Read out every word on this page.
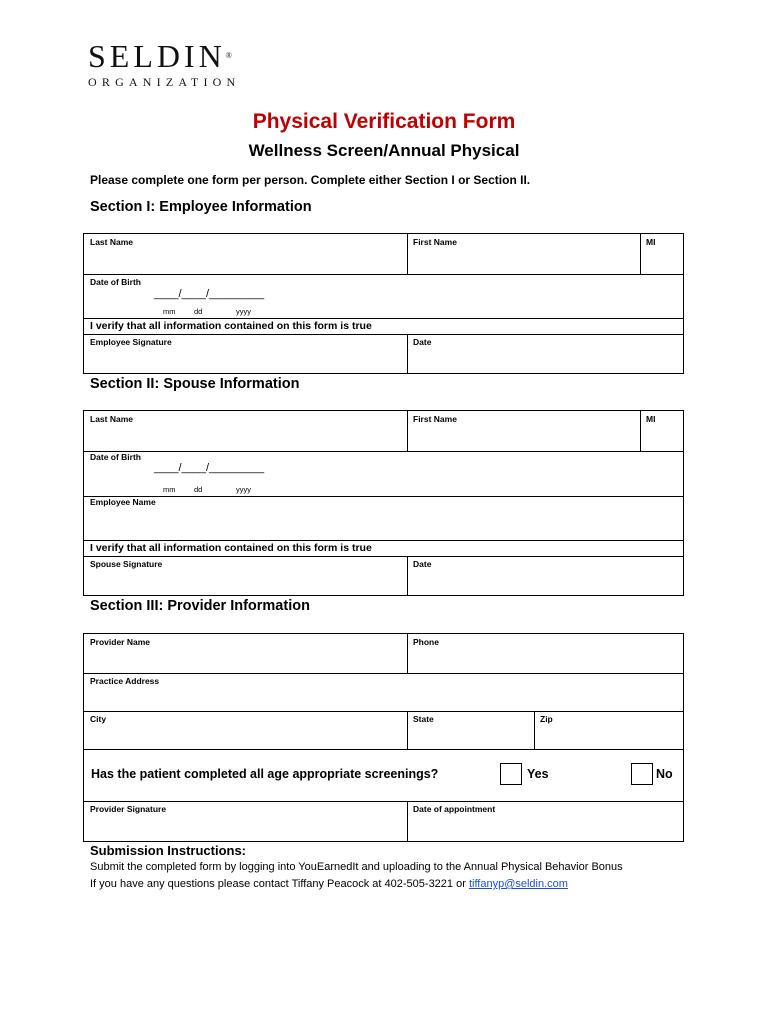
SELDIN®
ORGANIZATION
Physical Verification Form
Wellness Screen/Annual Physical
Please complete one form per person. Complete either Section I or Section II.
Section I: Employee Information
Last Name	First Name	MI
Date of Birth
____/____/_________
mm dd	yyyy
I verify that all information contained on this form is true
Employee Signature	Date
Section II: Spouse Information
Last Name	First Name	MI
Date of Birth
____/____/_________
mm dd	yyyy
Employee Name
I verify that all information contained on this form is true
Spouse Signature	Date
Section III: Provider Information
Provider Name	Phone
Practice Address
City	State	Zip
Has the patient completed all age appropriate screenings?	Yes	No
Provider Signature	Date of appointment
Submission Instructions:
Submit the completed form by logging into YouEarnedIt and uploading to the Annual Physical Behavior Bonus
If you have any questions please contact Tiffany Peacock at 402-505-3221 or tiffanyp@seldin.com
